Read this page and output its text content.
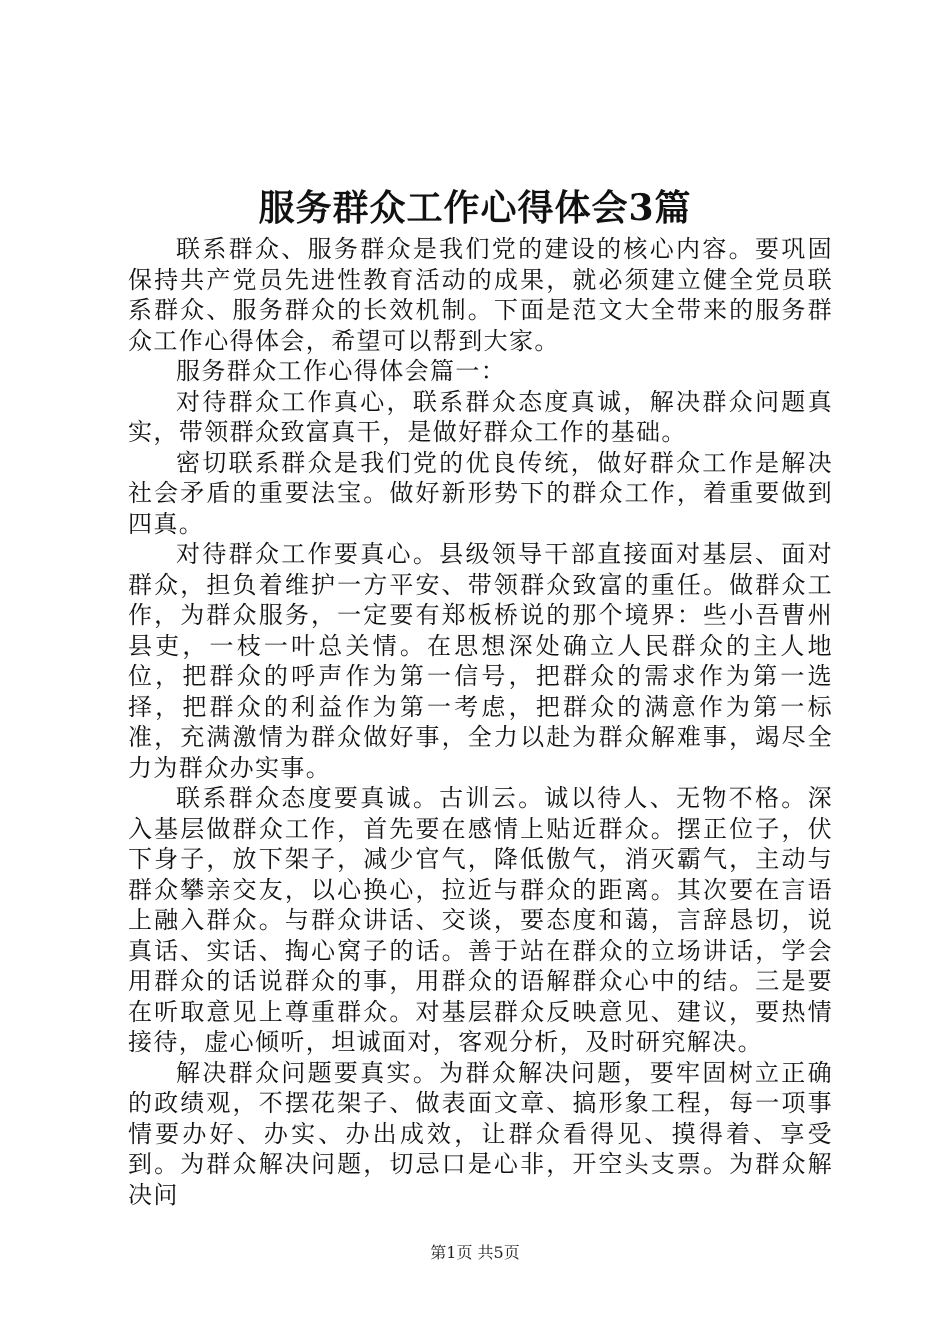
服务群众工作心得体会3篇

联系群众、服务群众是我们党的建设的核心内容。要巩固保持共产党员先进性教育活动的成果，就必须建立健全党员联系群众、服务群众的长效机制。下面是范文大全带来的服务群众工作心得体会，希望可以帮到大家。

服务群众工作心得体会篇一：

对待群众工作真心，联系群众态度真诚，解决群众问题真实，带领群众致富真干，是做好群众工作的基础。

密切联系群众是我们党的优良传统，做好群众工作是解决社会矛盾的重要法宝。做好新形势下的群众工作，着重要做到四真。

对待群众工作要真心。县级领导干部直接面对基层、面对群众，担负着维护一方平安、带领群众致富的重任。做群众工作，为群众服务，一定要有郑板桥说的那个境界：些小吾曹州县吏，一枝一叶总关情。在思想深处确立人民群众的主人地位，把群众的呼声作为第一信号，把群众的需求作为第一选择，把群众的利益作为第一考虑，把群众的满意作为第一标准，充满激情为群众做好事，全力以赴为群众解难事，竭尽全力为群众办实事。

联系群众态度要真诚。古训云。诚以待人、无物不格。深入基层做群众工作，首先要在感情上贴近群众。摆正位子，伏下身子，放下架子，减少官气，降低傲气，消灭霸气，主动与群众攀亲交友，以心换心，拉近与群众的距离。其次要在言语上融入群众。与群众讲话、交谈，要态度和蔼，言辞恳切，说真话、实话、掏心窝子的话。善于站在群众的立场讲话，学会用群众的话说群众的事，用群众的语解群众心中的结。三是要在听取意见上尊重群众。对基层群众反映意见、建议，要热情接待，虚心倾听，坦诚面对，客观分析，及时研究解决。

解决群众问题要真实。为群众解决问题，要牢固树立正确的政绩观，不摆花架子、做表面文章、搞形象工程，每一项事情要办好、办实、办出成效，让群众看得见、摸得着、享受到。为群众解决问题，切忌口是心非，开空头支票。为群众解决问

第1页 共5页
